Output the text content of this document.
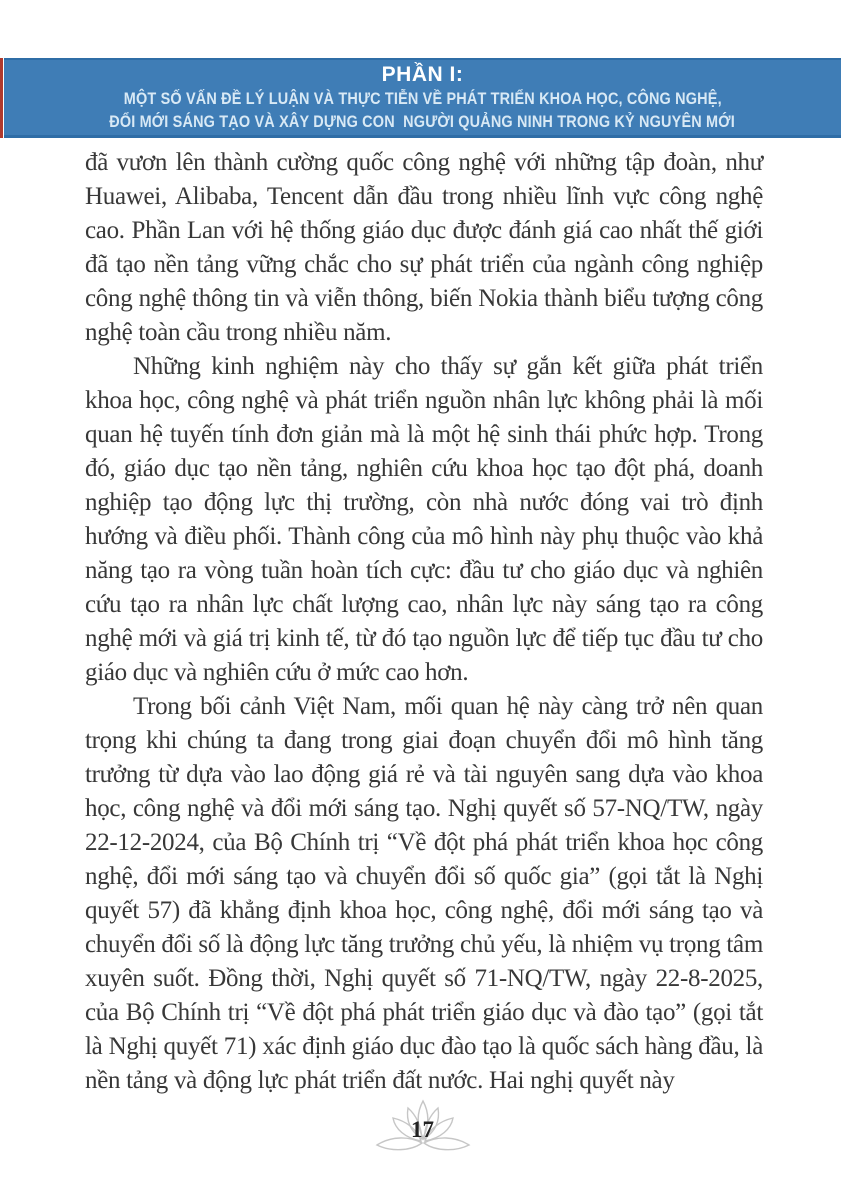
PHẦN I:
MỘT SỐ VẤN ĐỀ LÝ LUẬN VÀ THỰC TIỄN VỀ PHÁT TRIỂN KHOA HỌC, CÔNG NGHỆ,
ĐỔI MỚI SÁNG TẠO VÀ XÂY DỰNG CON  NGƯỜI QUẢNG NINH TRONG KỶ NGUYÊN MỚI

đã vươn lên thành cường quốc công nghệ với những tập đoàn, như Huawei, Alibaba, Tencent dẫn đầu trong nhiều lĩnh vực công nghệ cao. Phần Lan với hệ thống giáo dục được đánh giá cao nhất thế giới đã tạo nền tảng vững chắc cho sự phát triển của ngành công nghiệp công nghệ thông tin và viễn thông, biến Nokia thành biểu tượng công nghệ toàn cầu trong nhiều năm.

Những kinh nghiệm này cho thấy sự gắn kết giữa phát triển khoa học, công nghệ và phát triển nguồn nhân lực không phải là mối quan hệ tuyến tính đơn giản mà là một hệ sinh thái phức hợp. Trong đó, giáo dục tạo nền tảng, nghiên cứu khoa học tạo đột phá, doanh nghiệp tạo động lực thị trường, còn nhà nước đóng vai trò định hướng và điều phối. Thành công của mô hình này phụ thuộc vào khả năng tạo ra vòng tuần hoàn tích cực: đầu tư cho giáo dục và nghiên cứu tạo ra nhân lực chất lượng cao, nhân lực này sáng tạo ra công nghệ mới và giá trị kinh tế, từ đó tạo nguồn lực để tiếp tục đầu tư cho giáo dục và nghiên cứu ở mức cao hơn.

Trong bối cảnh Việt Nam, mối quan hệ này càng trở nên quan trọng khi chúng ta đang trong giai đoạn chuyển đổi mô hình tăng trưởng từ dựa vào lao động giá rẻ và tài nguyên sang dựa vào khoa học, công nghệ và đổi mới sáng tạo. Nghị quyết số 57-NQ/TW, ngày 22-12-2024, của Bộ Chính trị “Về đột phá phát triển khoa học công nghệ, đổi mới sáng tạo và chuyển đổi số quốc gia” (gọi tắt là Nghị quyết 57) đã khẳng định khoa học, công nghệ, đổi mới sáng tạo và chuyển đổi số là động lực tăng trưởng chủ yếu, là nhiệm vụ trọng tâm xuyên suốt. Đồng thời, Nghị quyết số 71-NQ/TW, ngày 22-8-2025, của Bộ Chính trị “Về đột phá phát triển giáo dục và đào tạo” (gọi tắt là Nghị quyết 71) xác định giáo dục đào tạo là quốc sách hàng đầu, là nền tảng và động lực phát triển đất nước. Hai nghị quyết này

17
